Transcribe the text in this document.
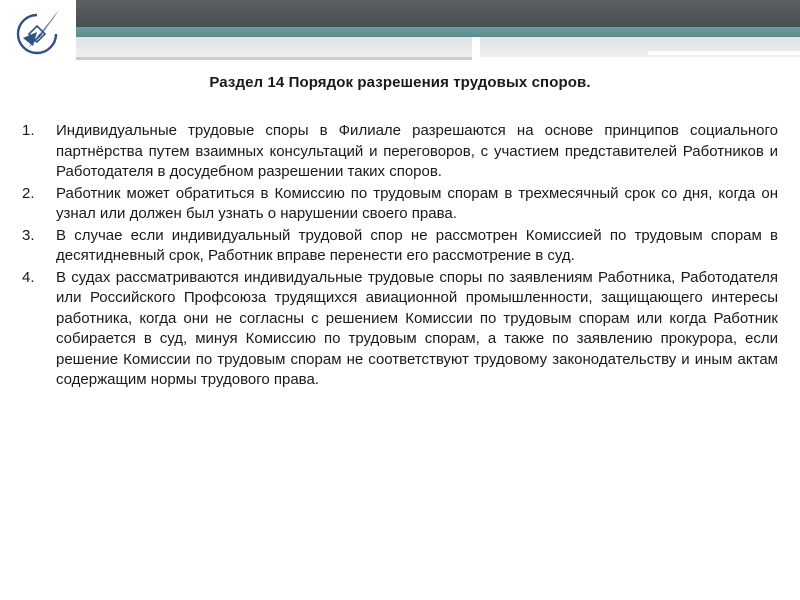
Раздел 14 Порядок разрешения трудовых споров.
1. Индивидуальные трудовые споры в Филиале разрешаются на основе принципов социального партнёрства путем взаимных консультаций и переговоров, с участием представителей Работников и Работодателя в досудебном разрешении таких споров.
2. Работник может обратиться в Комиссию по трудовым спорам в трехмесячный срок со дня, когда он узнал или должен был узнать о нарушении своего права.
3. В случае если индивидуальный трудовой спор не рассмотрен Комиссией по трудовым спорам в десятидневный срок, Работник вправе перенести его рассмотрение в суд.
4. В судах рассматриваются индивидуальные трудовые споры по заявлениям Работника, Работодателя или Российского Профсоюза трудящихся авиационной промышленности, защищающего интересы работника, когда они не согласны с решением Комиссии по трудовым спорам или когда Работник собирается в суд, минуя Комиссию по трудовым спорам, а также по заявлению прокурора, если решение Комиссии по трудовым спорам не соответствуют трудовому законодательству и иным актам содержащим нормы трудового права.
